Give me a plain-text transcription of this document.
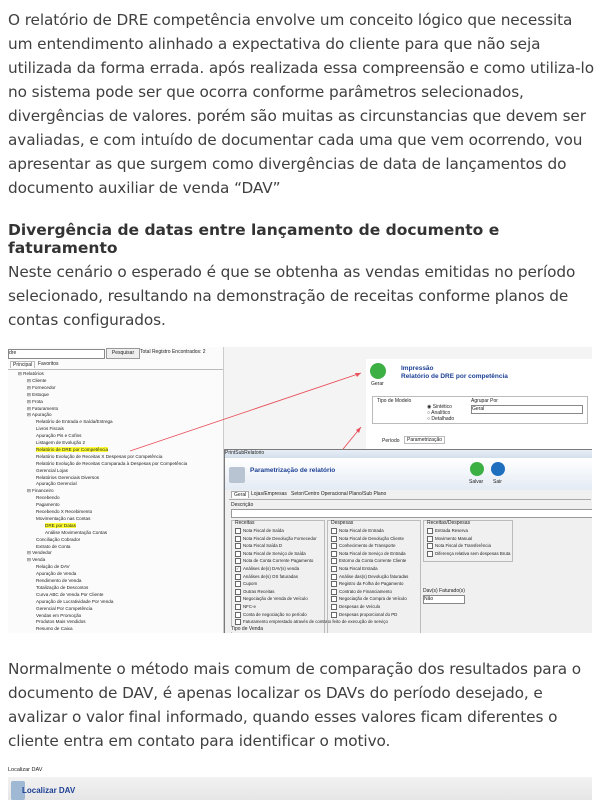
O relatório de DRE competência envolve um conceito lógico que necessita um entendimento alinhado a expectativa do cliente para que não seja utilizada da forma errada. após realizada essa compreensão e como utiliza-lo no sistema pode ser que ocorra conforme parâmetros selecionados, divergências de valores. porém são muitas as circunstancias que devem ser avaliadas, e com intuído de documentar cada uma que vem ocorrendo, vou apresentar as que surgem como divergências de data de lançamentos do documento auxiliar de venda “DAV”

Divergência de datas entre lançamento de documento e faturamento

Neste cenário o esperado é que se obtenha as vendas emitidas no período selecionado, resultando na demonstração de receitas conforme planos de contas configurados.

dre	Pesquisar	Total Registro Encontrados: 2
Principal	Favoritos
⊟ Relatórios
⊟ Cliente
⊟ Fornecedor
⊟ Estoque
⊟ Frota
⊟ Faturamento
⊟ Apuração
Relatório de Entrada e Saída/Entrega
Livros Fiscais
Apuração Pis e Cofins
Listagem de Evolução 2
Relatório de DRE por Competência
Relatório Evolução de Receitas X Despesas por Competência
Relatório Evolução de Receitas Comparada à Despesas por Competência
Gerencial Lojas
Relatórios Gerenciais Diversos
Apuração Gerencial
⊟ Financeiro
Recebendo
Pagamento
Recebendo X Recebimento
Movimentação nas Contas
DRE por Datas
Análise Movimentação Contas
Conciliação Cobrador
Extrato de Conta
⊟ Vendedor
⊟ Venda
Relação de DAV
Apuração de Venda
Rendimento de Venda
Totalização de Descontos
Curva ABC de Venda Por Cliente
Apuração de Lucratividade Por Venda
Gerencial Por Competência
Vendas em Promoção
Produtos Mais Vendidos
Resumo de Caixa
Gerar
Impressão
Relatório de DRE por competência
Tipo de Modelo
◉ Sintético
○ Analítico
○ Detalhado
Agrupar Por
Geral
Período	Parametrização
PrintSubRelatorio
Parametrização de relatório
Salvar Sair
Geral Lojas/Empresas Setor/Centro Operacional Plano/Sub Plano
Descrição
Receitas
Nota Fiscal de Saída
Nota Fiscal de Devolução Fornecedor
Nota Fiscal Saída D
Nota Fiscal de Serviço de Saída
Nota de Conta Corrente Pagamento
✓ Análises de(s) DAV(s) venda
Análises de(s) OS faturadas
Cupom
Outras Receitas
Negociação de Venda de Veículo
NFC-e
Conta de negociação no período
Faturamento emprestado através de contrato feito de execução de serviço
Despesas
Nota Fiscal de Entrada
Nota Fiscal de Devolução Cliente
Conhecimento de Transporte
Nota Fiscal de Serviço de Entrada
Estorno da Conta Corrente Cliente
Nota Fiscal Entrada
Análise das(s) Devolução faturadas
Registro da Folha de Pagamento
Contrato de Financiamento
Negociação de Compra de Veículo
Despesas de Veículo
Despesas proporcional do PD
Receitas/Despesas
Entrada Reserva
Movimento Manual
Nota Fiscal de Transferência
Diferença relativa sem despesas Bruta
Dav(s) Faturado(s)
Não
Tipo de Venda

Normalmente o método mais comum de comparação dos resultados para o documento de DAV, é apenas localizar os DAVs do período desejado, e avalizar o valor final informado, quando esses valores ficam diferentes o cliente entra em contato para identificar o motivo.

Localizar DAV
Localizar DAV
